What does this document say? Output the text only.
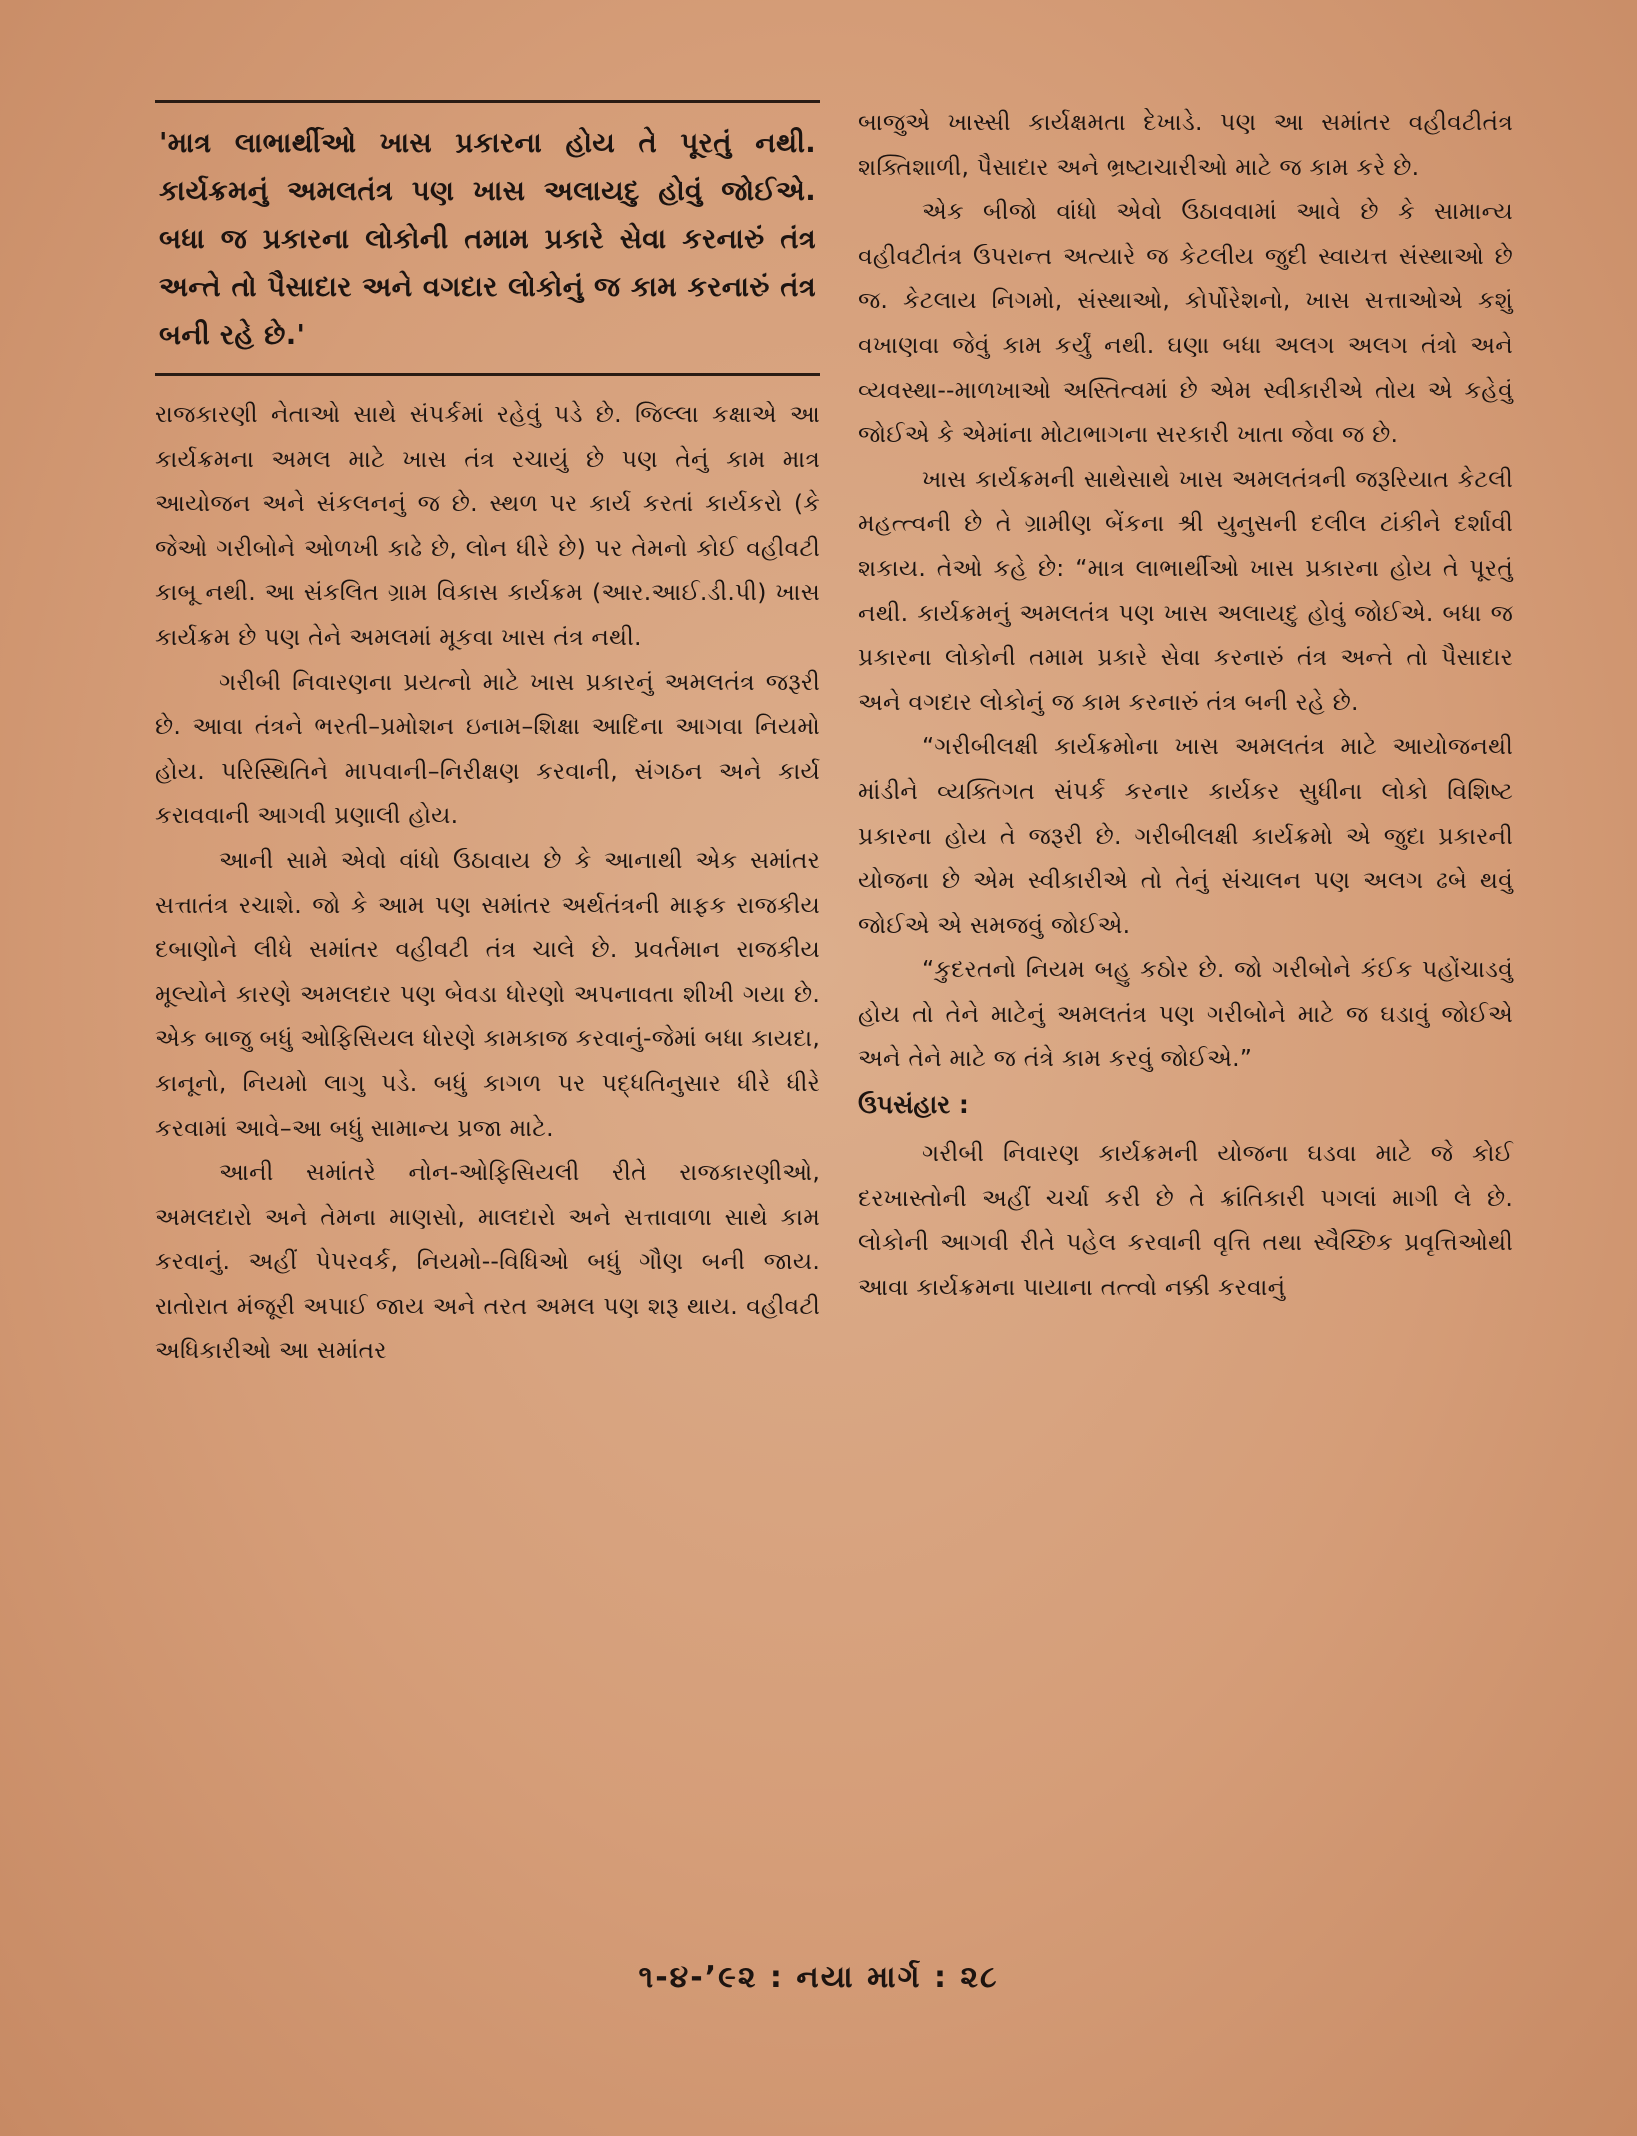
'માત્ર લાભાર્થીઓ ખાસ પ્રકારના હોય તે પૂરતું નથી. કાર્યક્રમનું અમલતંત્ર પણ ખાસ અલાયદુ હોવું જોઈએ. બધા જ પ્રકારના લોકોની તમામ પ્રકારે સેવા કરનારું તંત્ર અન્તે તો પૈસાદાર અને વગદાર લોકોનું જ કામ કરનારું તંત્ર બની રહે છે.'

રાજકારણી નેતાઓ સાથે સંપર્કમાં રહેવું પડે છે. જિલ્લા કક્ષાએ આ કાર્યક્રમના અમલ માટે ખાસ તંત્ર રચાયું છે પણ તેનું કામ માત્ર આયોજન અને સંકલનનું જ છે. સ્થળ પર કાર્ય કરતાં કાર્યકરો (કે જેઓ ગરીબોને ઓળખી કાઢે છે, લોન ધીરે છે) પર તેમનો કોઈ વહીવટી કાબૂ નથી. આ સંકલિત ગ્રામ વિકાસ કાર્યક્રમ (આર.આઈ.ડી.પી) ખાસ કાર્યક્રમ છે પણ તેને અમલમાં મૂકવા ખાસ તંત્ર નથી.

ગરીબી નિવારણના પ્રયત્નો માટે ખાસ પ્રકારનું અમલતંત્ર જરૂરી છે. આવા તંત્રને ભરતી–પ્રમોશન ઇનામ–શિક્ષા આદિના આગવા નિયમો હોય. પરિસ્થિતિને માપવાની–નિરીક્ષણ કરવાની, સંગઠન અને કાર્ય કરાવવાની આગવી પ્રણાલી હોય.

આની સામે એવો વાંધો ઉઠાવાય છે કે આનાથી એક સમાંતર સત્તાતંત્ર રચાશે. જો કે આમ પણ સમાંતર અર્થતંત્રની માફક રાજકીય દબાણોને લીધે સમાંતર વહીવટી તંત્ર ચાલે છે. પ્રવર્તમાન રાજકીય મૂલ્યોને કારણે અમલદાર પણ બેવડા ધોરણો અપનાવતા શીખી ગયા છે. એક બાજુ બધું ઓફિસિયલ ધોરણે કામકાજ કરવાનું-જેમાં બધા કાયદા, કાનૂનો, નિયમો લાગુ પડે. બધું કાગળ પર પદ્ધતિનુસાર ધીરે ધીરે કરવામાં આવે–આ બધું સામાન્ય પ્રજા માટે.

આની સમાંતરે નોન-ઓફિસિયલી રીતે રાજકારણીઓ, અમલદારો અને તેમના માણસો, માલદારો અને સત્તાવાળા સાથે કામ કરવાનું. અહીં પેપરવર્ક, નિયમો--વિધિઓ બધું ગૌણ બની જાય. રાતોરાત મંજૂરી અપાઈ જાય અને તરત અમલ પણ શરૂ થાય. વહીવટી અધિકારીઓ આ સમાંતર

બાજુએ ખાસ્સી કાર્યક્ષમતા દેખાડે. પણ આ સમાંતર વહીવટીતંત્ર શક્તિશાળી, પૈસાદાર અને ભ્રષ્ટાચારીઓ માટે જ કામ કરે છે.

એક બીજો વાંધો એવો ઉઠાવવામાં આવે છે કે સામાન્ય વહીવટીતંત્ર ઉપરાન્ત અત્યારે જ કેટલીય જુદી સ્વાયત્ત સંસ્થાઓ છે જ. કેટલાય નિગમો, સંસ્થાઓ, કોર્પોરેશનો, ખાસ સત્તાઓએ કશું વખાણવા જેવું કામ કર્યું નથી. ઘણા બધા અલગ અલગ તંત્રો અને વ્યવસ્થા--માળખાઓ અસ્તિત્વમાં છે એમ સ્વીકારીએ તોય એ કહેવું જોઈએ કે એમાંના મોટાભાગના સરકારી ખાતા જેવા જ છે.

ખાસ કાર્યક્રમની સાથેસાથે ખાસ અમલતંત્રની જરૂરિયાત કેટલી મહત્ત્વની છે તે ગ્રામીણ બેંકના શ્રી યુનુસની દલીલ ટાંકીને દર્શાવી શકાય. તેઓ કહે છે: “માત્ર લાભાર્થીઓ ખાસ પ્રકારના હોય તે પૂરતું નથી. કાર્યક્રમનું અમલતંત્ર પણ ખાસ અલાયદુ હોવું જોઈએ. બધા જ પ્રકારના લોકોની તમામ પ્રકારે સેવા કરનારું તંત્ર અન્તે તો પૈસાદાર અને વગદાર લોકોનું જ કામ કરનારું તંત્ર બની રહે છે.

“ગરીબીલક્ષી કાર્યક્રમોના ખાસ અમલતંત્ર માટે આયોજનથી માંડીને વ્યક્તિગત સંપર્ક કરનાર કાર્યકર સુધીના લોકો વિશિષ્ટ પ્રકારના હોય તે જરૂરી છે. ગરીબીલક્ષી કાર્યક્રમો એ જુદા પ્રકારની યોજના છે એમ સ્વીકારીએ તો તેનું સંચાલન પણ અલગ ઢબે થવું જોઈએ એ સમજવું જોઈએ.

“કુદરતનો નિયમ બહુ કઠોર છે. જો ગરીબોને કંઈક પહોંચાડવું હોય તો તેને માટેનું અમલતંત્ર પણ ગરીબોને માટે જ ઘડાવું જોઈએ અને તેને માટે જ તંત્રે કામ કરવું જોઈએ.”

ઉપસંહાર :

ગરીબી નિવારણ કાર્યક્રમની યોજના ઘડવા માટે જે કોઈ દરખાસ્તોની અહીં ચર્ચા કરી છે તે ક્રાંતિકારી પગલાં માગી લે છે. લોકોની આગવી રીતે પહેલ કરવાની વૃત્તિ તથા સ્વૈચ્છિક પ્રવૃત્તિઓથી આવા કાર્યક્રમના પાયાના તત્ત્વો નક્કી કરવાનું

૧-૪-’૯૨ : નયા માર્ગ : ૨૮
